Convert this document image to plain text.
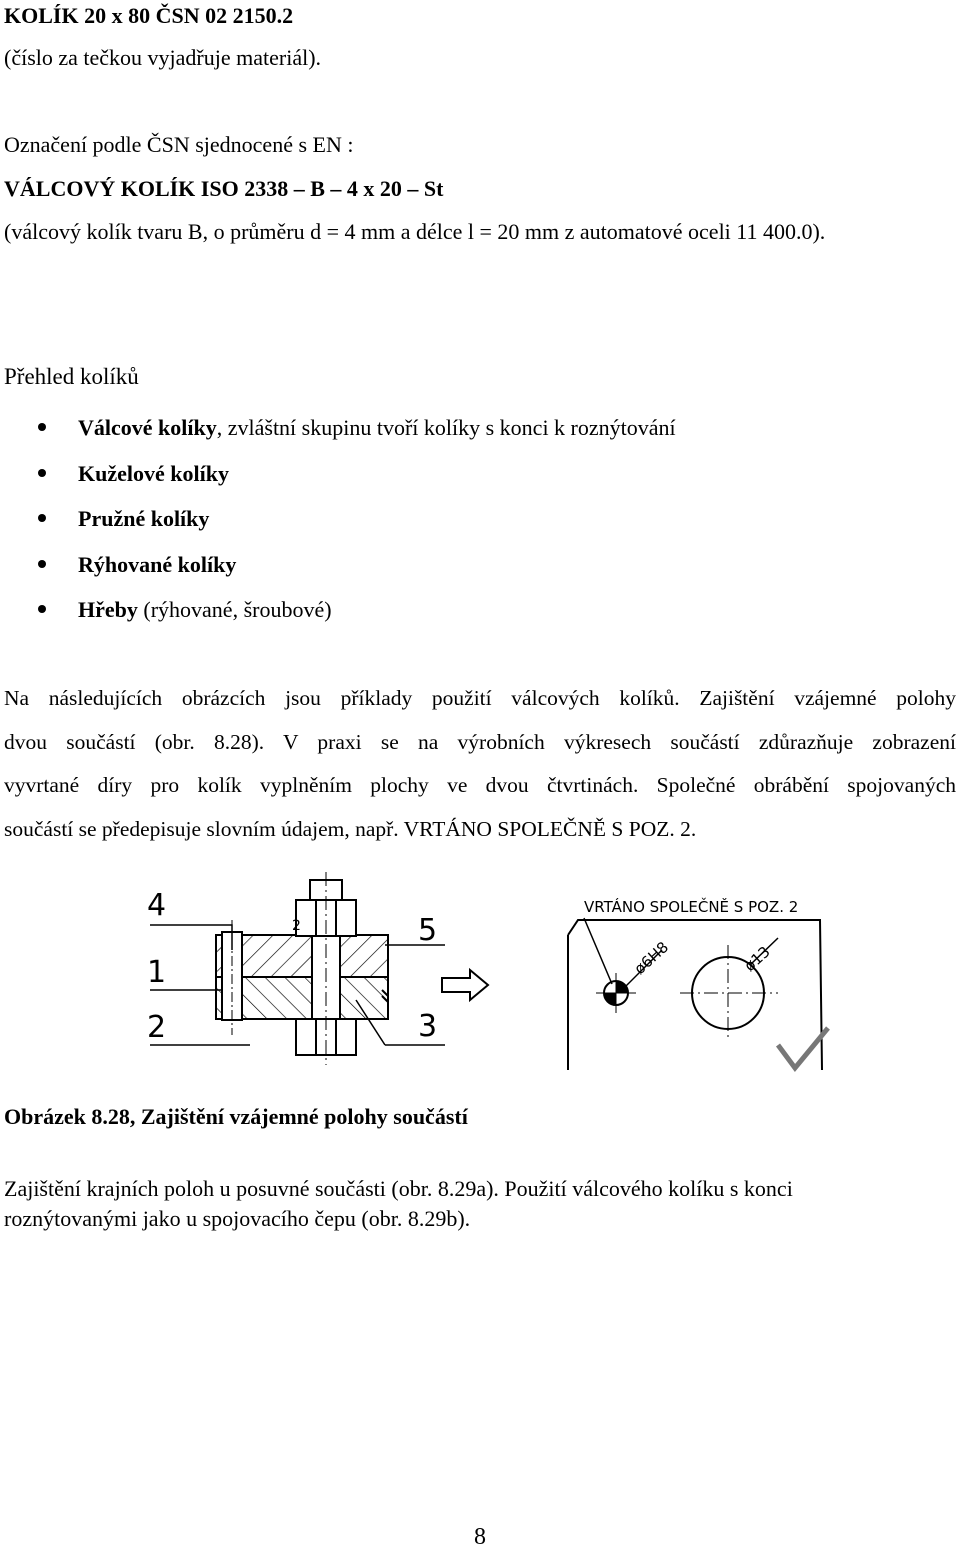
KOLÍK 20 x 80 ČSN 02 2150.2
(číslo za tečkou vyjadřuje materiál).
Označení podle ČSN sjednocené s EN :
VÁLCOVÝ KOLÍK ISO 2338 – B – 4 x 20 – St
(válcový kolík tvaru B, o průměru d = 4 mm a délce l = 20 mm z automatové oceli 11 400.0).
Přehled kolíků
Válcové kolíky, zvláštní skupinu tvoří kolíky s konci k roznýtování
Kuželové kolíky
Pružné kolíky
Rýhované kolíky
Hřeby (rýhované, šroubové)
Na následujících obrázcích jsou příklady použití válcových kolíků. Zajištění vzájemné polohy
dvou součástí (obr. 8.28). V praxi se na výrobních výkresech součástí zdůrazňuje zobrazení
vyvrtané díry pro kolík vyplněním plochy ve dvou čtvrtinách. Společné obrábění spojovaných
součástí se předepisuje slovním údajem, např. VRTÁNO SPOLEČNĚ S POZ. 2.
4
1
2
5
3
2
VRTÁNO SPOLEČNĚ S POZ. 2
ø6H8	ø13
Obrázek 8.28, Zajištění vzájemné polohy součástí
Zajištění krajních poloh u posuvné součásti (obr. 8.29a). Použití válcového kolíku s konci
roznýtovanými jako u spojovacího čepu (obr. 8.29b).
8
